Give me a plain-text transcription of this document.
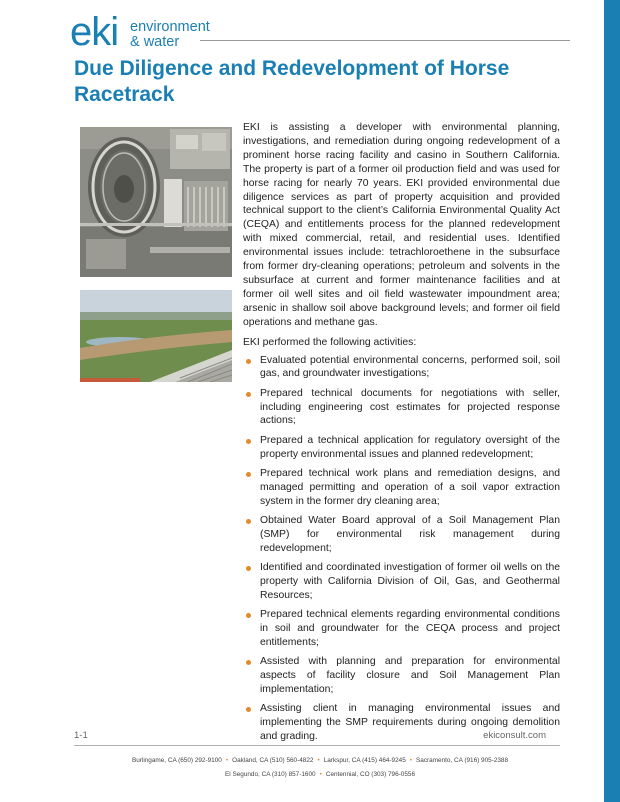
eki environment
& water
Due Diligence and Redevelopment of Horse Racetrack

EKI is assisting a developer with environmental planning, investigations, and remediation during ongoing redevelopment of a prominent horse racing facility and casino in Southern California. The property is part of a former oil production field and was used for horse racing for nearly 70 years. EKI provided environmental due diligence services as part of property acquisition and provided technical support to the client’s California Environmental Quality Act (CEQA) and entitlements process for the planned redevelopment with mixed commercial, retail, and residential uses. Identified environmental issues include: tetrachloroethene in the subsurface from former dry-cleaning operations; petroleum and solvents in the subsurface at current and former maintenance facilities and at former oil well sites and oil field wastewater impoundment area; arsenic in shallow soil above background levels; and former oil field operations and methane gas.

EKI performed the following activities:

Evaluated potential environmental concerns, performed soil, soil gas, and groundwater investigations;
Prepared technical documents for negotiations with seller, including engineering cost estimates for projected response actions;
Prepared a technical application for regulatory oversight of the property environmental issues and planned redevelopment;
Prepared technical work plans and remediation designs, and managed permitting and operation of a soil vapor extraction system in the former dry cleaning area;
Obtained Water Board approval of a Soil Management Plan (SMP) for environmental risk management during redevelopment;
Identified and coordinated investigation of former oil wells on the property with California Division of Oil, Gas, and Geothermal Resources;
Prepared technical elements regarding environmental conditions in soil and groundwater for the CEQA process and project entitlements;
Assisted with planning and preparation for environmental aspects of facility closure and Soil Management Plan implementation;
Assisting client in managing environmental issues and implementing the SMP requirements during ongoing demolition and grading.
1-1	ekiconsult.com
Burlingame, CA (650) 292-9100 • Oakland, CA (510) 560-4822 • Larkspur, CA (415) 464-9245 • Sacramento, CA (916) 905-2388
El Segundo, CA (310) 857-1600 • Centennial, CO (303) 796-0556
